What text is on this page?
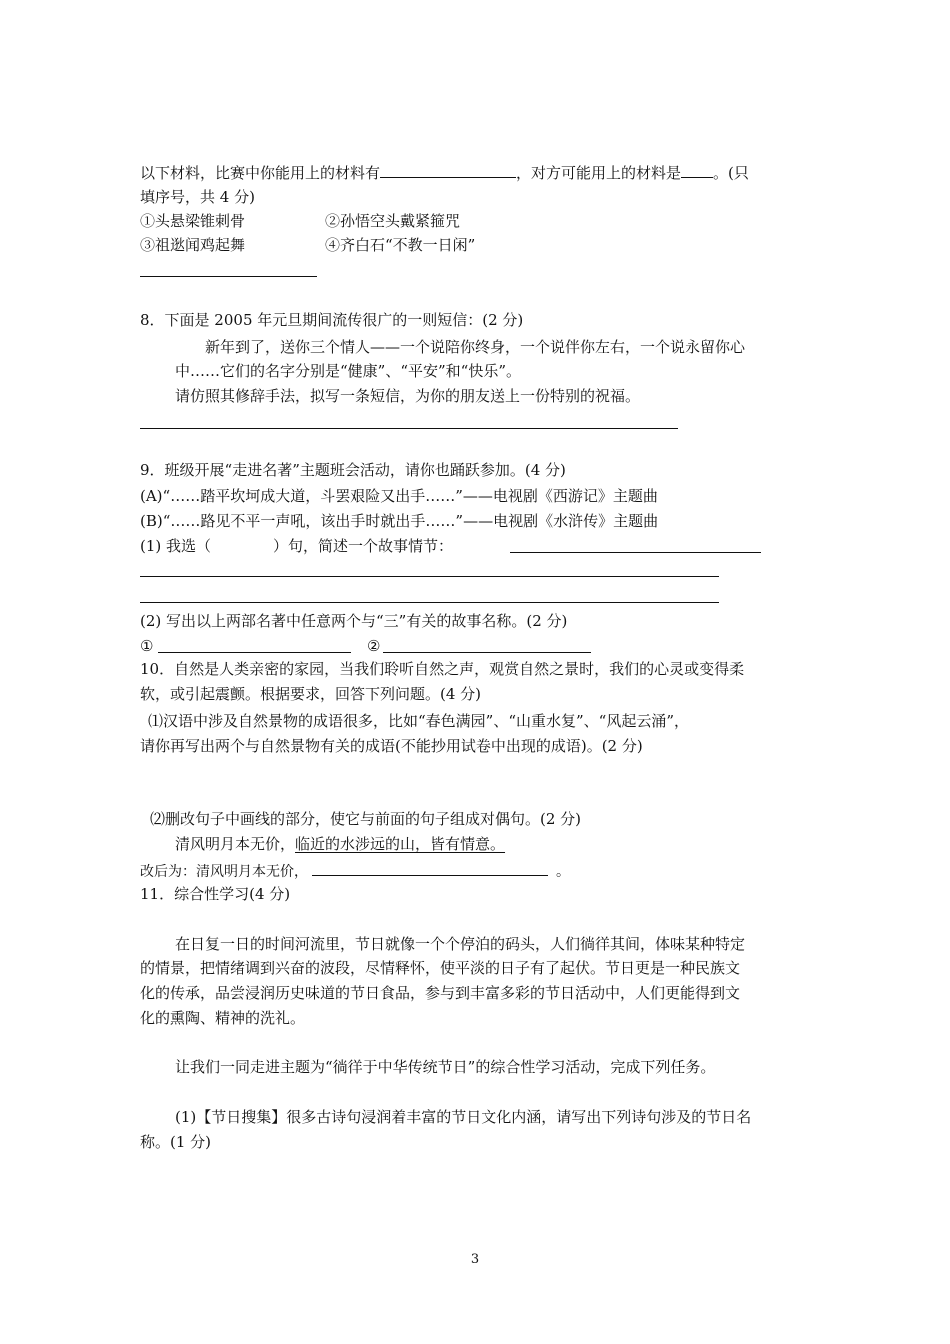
以下材料，比赛中你能用上的材料有	，对方可能用上的材料是 。(只
填序号，共 4 分)
①头悬梁锥刺骨	②孙悟空头戴紧箍咒
③祖逖闻鸡起舞	④齐白石“不教一日闲”
8．下面是 2005 年元旦期间流传很广的一则短信：(2 分)
新年到了，送你三个情人——一个说陪你终身，一个说伴你左右，一个说永留你心
中……它们的名字分别是“健康”、“平安”和“快乐”。
请仿照其修辞手法，拟写一条短信，为你的朋友送上一份特别的祝福。
9．班级开展“走进名著”主题班会活动，请你也踊跃参加。(4 分)
(A)“……踏平坎坷成大道，斗罢艰险又出手……”——电视剧《西游记》主题曲
(B)“……路见不平一声吼，该出手时就出手……”——电视剧《水浒传》主题曲
(1) 我选（	）句，简述一个故事情节：
(2) 写出以上两部名著中任意两个与“三”有关的故事名称。(2 分)
①	②
10．自然是人类亲密的家园，当我们聆听自然之声，观赏自然之景时，我们的心灵或变得柔
软，或引起震颤。根据要求，回答下列问题。(4 分)
⑴汉语中涉及自然景物的成语很多，比如“春色满园”、“山重水复”、“风起云涌”，
请你再写出两个与自然景物有关的成语(不能抄用试卷中出现的成语)。(2 分)
⑵删改句子中画线的部分，使它与前面的句子组成对偶句。(2 分)
清风明月本无价，临近的水涉远的山，皆有情意。
改后为：清风明月本无价，	。
11．综合性学习(4 分)
在日复一日的时间河流里，节日就像一个个停泊的码头，人们徜徉其间，体味某种特定
的情景，把情绪调到兴奋的波段，尽情释怀，使平淡的日子有了起伏。节日更是一种民族文
化的传承，品尝浸润历史味道的节日食品，参与到丰富多彩的节日活动中，人们更能得到文
化的熏陶、精神的洗礼。
让我们一同走进主题为“徜徉于中华传统节日”的综合性学习活动，完成下列任务。
(1)【节日搜集】很多古诗句浸润着丰富的节日文化内涵，请写出下列诗句涉及的节日名
称。(1 分)
3
